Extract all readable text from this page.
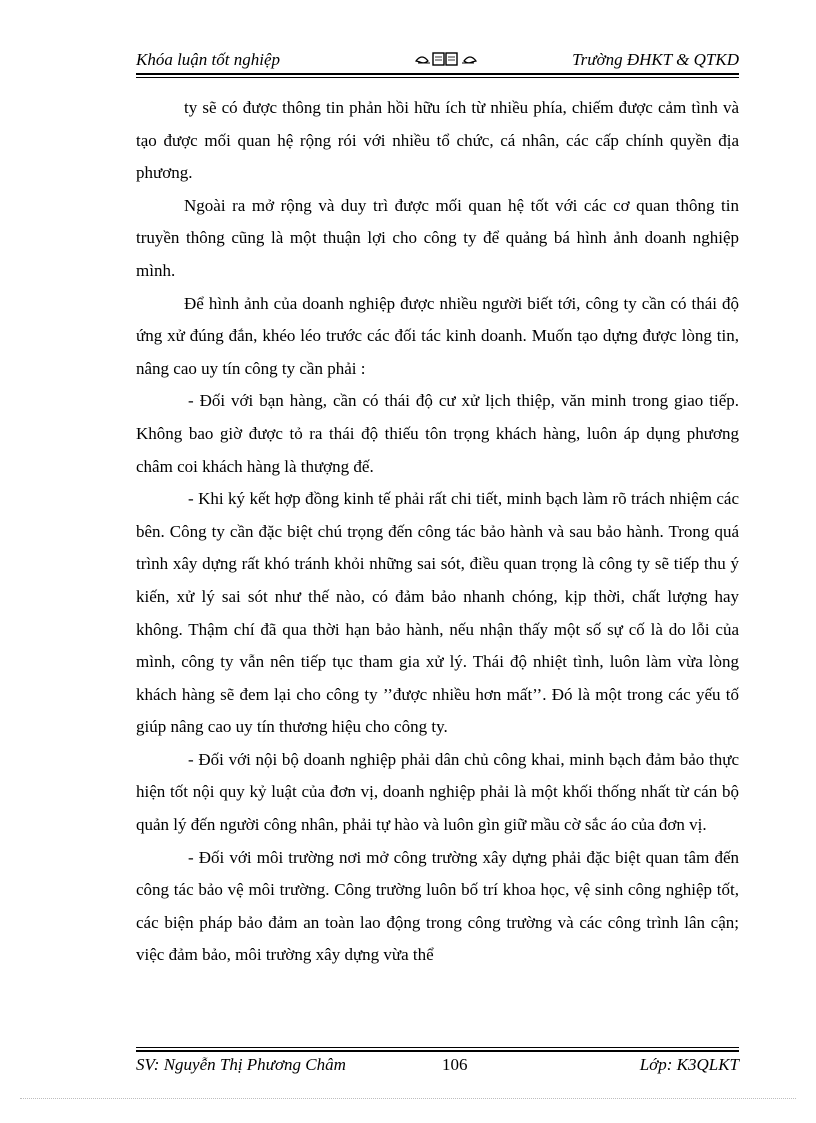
Khóa luận tốt nghiệp	Trường ĐHKT & QTKD

ty sẽ có được thông tin phản hồi hữu ích từ nhiều phía, chiếm được cảm tình và tạo được mối quan hệ rộng rói với nhiều tổ chức, cá nhân, các cấp chính quyền địa phương.

Ngoài ra mở rộng và duy trì được mối quan hệ tốt với các cơ quan thông tin truyền thông cũng là một thuận lợi cho công ty để quảng bá hình ảnh doanh nghiệp mình.

Để hình ảnh của doanh nghiệp được nhiều người biết tới, công ty cần có thái độ ứng xử đúng đắn, khéo léo trước các đối tác kinh doanh. Muốn tạo dựng được lòng tin, nâng cao uy tín công ty cần phải :

- Đối với bạn hàng, cần có thái độ cư xử lịch thiệp, văn minh trong giao tiếp. Không bao giờ được tỏ ra thái độ thiếu tôn trọng khách hàng, luôn áp dụng phương châm coi khách hàng là thượng đế.

- Khi ký kết hợp đồng kinh tế phải rất chi tiết, minh bạch làm rõ trách nhiệm các bên. Công ty cần đặc biệt chú trọng đến công tác bảo hành và sau bảo hành. Trong quá trình xây dựng rất khó tránh khỏi những sai sót, điều quan trọng là công ty sẽ tiếp thu ý kiến, xử lý sai sót như thế nào, có đảm bảo nhanh chóng, kịp thời, chất lượng hay không. Thậm chí đã qua thời hạn bảo hành, nếu nhận thấy một số sự cố là do lỗi của mình, công ty vẫn nên tiếp tục tham gia xử lý. Thái độ nhiệt tình, luôn làm vừa lòng khách hàng sẽ đem lại cho công ty ’’được nhiều hơn mất’’. Đó là một trong các yếu tố giúp nâng cao uy tín thương hiệu cho công ty.

- Đối với nội bộ doanh nghiệp phải dân chủ công khai, minh bạch đảm bảo thực hiện tốt nội quy kỷ luật của đơn vị, doanh nghiệp phải là một khối thống nhất từ cán bộ quản lý đến người công nhân, phải tự hào và luôn gìn giữ mầu cờ sắc áo của đơn vị.

- Đối với môi trường nơi mở công trường xây dựng phải đặc biệt quan tâm đến công tác bảo vệ môi trường. Công trường luôn bố trí khoa học, vệ sinh công nghiệp tốt, các biện pháp bảo đảm an toàn lao động trong công trường và các công trình lân cận; việc đảm bảo, môi trường xây dựng vừa thể

SV: Nguyễn Thị Phương Châm	106	Lớp: K3QLKT
